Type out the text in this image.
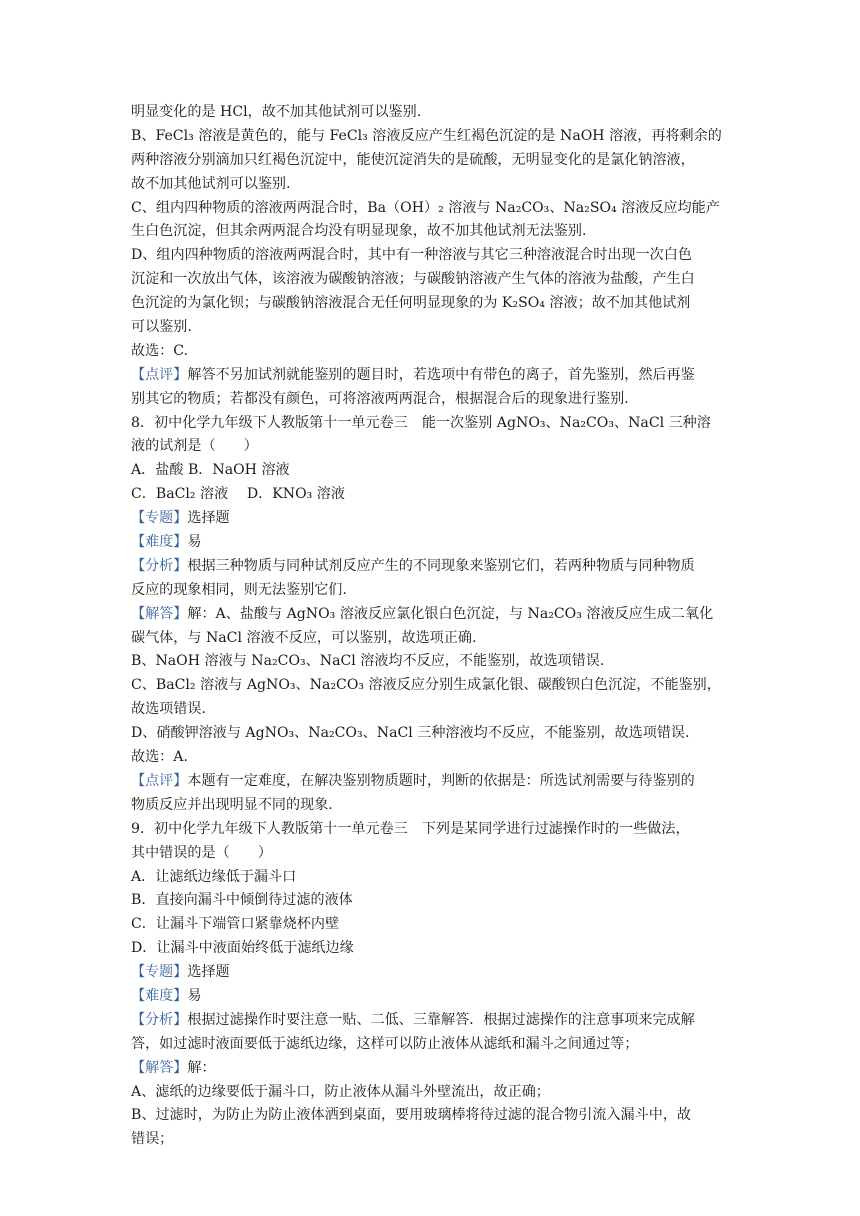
明显变化的是 HCl，故不加其他试剂可以鉴别.
B、FeCl₃ 溶液是黄色的，能与 FeCl₃ 溶液反应产生红褐色沉淀的是 NaOH 溶液，再将剩余的
两种溶液分别滴加只红褐色沉淀中，能使沉淀消失的是硫酸，无明显变化的是氯化钠溶液，
故不加其他试剂可以鉴别.
C、组内四种物质的溶液两两混合时，Ba（OH）₂ 溶液与 Na₂CO₃、Na₂SO₄ 溶液反应均能产
生白色沉淀，但其余两两混合均没有明显现象，故不加其他试剂无法鉴别.
D、组内四种物质的溶液两两混合时，其中有一种溶液与其它三种溶液混合时出现一次白色
沉淀和一次放出气体，该溶液为碳酸钠溶液；与碳酸钠溶液产生气体的溶液为盐酸，产生白
色沉淀的为氯化钡；与碳酸钠溶液混合无任何明显现象的为 K₂SO₄ 溶液；故不加其他试剂
可以鉴别.
故选：C.
【点评】解答不另加试剂就能鉴别的题目时，若选项中有带色的离子，首先鉴别，然后再鉴
别其它的物质；若都没有颜色，可将溶液两两混合，根据混合后的现象进行鉴别.
8．初中化学九年级下人教版第十一单元卷三　能一次鉴别 AgNO₃、Na₂CO₃、NaCl 三种溶
液的试剂是（　　）
A．盐酸 B．NaOH 溶液
C．BaCl₂ 溶液　 D．KNO₃ 溶液
【专题】选择题
【难度】易
【分析】根据三种物质与同种试剂反应产生的不同现象来鉴别它们，若两种物质与同种物质
反应的现象相同，则无法鉴别它们.
【解答】解：A、盐酸与 AgNO₃ 溶液反应氯化银白色沉淀，与 Na₂CO₃ 溶液反应生成二氧化
碳气体，与 NaCl 溶液不反应，可以鉴别，故选项正确.
B、NaOH 溶液与 Na₂CO₃、NaCl 溶液均不反应，不能鉴别，故选项错误.
C、BaCl₂ 溶液与 AgNO₃、Na₂CO₃ 溶液反应分别生成氯化银、碳酸钡白色沉淀，不能鉴别，
故选项错误.
D、硝酸钾溶液与 AgNO₃、Na₂CO₃、NaCl 三种溶液均不反应，不能鉴别，故选项错误.
故选：A.
【点评】本题有一定难度，在解决鉴别物质题时，判断的依据是：所选试剂需要与待鉴别的
物质反应并出现明显不同的现象.
9．初中化学九年级下人教版第十一单元卷三　下列是某同学进行过滤操作时的一些做法，
其中错误的是（　　）
A．让滤纸边缘低于漏斗口
B．直接向漏斗中倾倒待过滤的液体
C．让漏斗下端管口紧靠烧杯内壁
D．让漏斗中液面始终低于滤纸边缘
【专题】选择题
【难度】易
【分析】根据过滤操作时要注意一贴、二低、三靠解答．根据过滤操作的注意事项来完成解
答，如过滤时液面要低于滤纸边缘，这样可以防止液体从滤纸和漏斗之间通过等；
【解答】解：
A、滤纸的边缘要低于漏斗口，防止液体从漏斗外壁流出，故正确；
B、过滤时，为防止为防止液体洒到桌面，要用玻璃棒将待过滤的混合物引流入漏斗中，故
错误；
